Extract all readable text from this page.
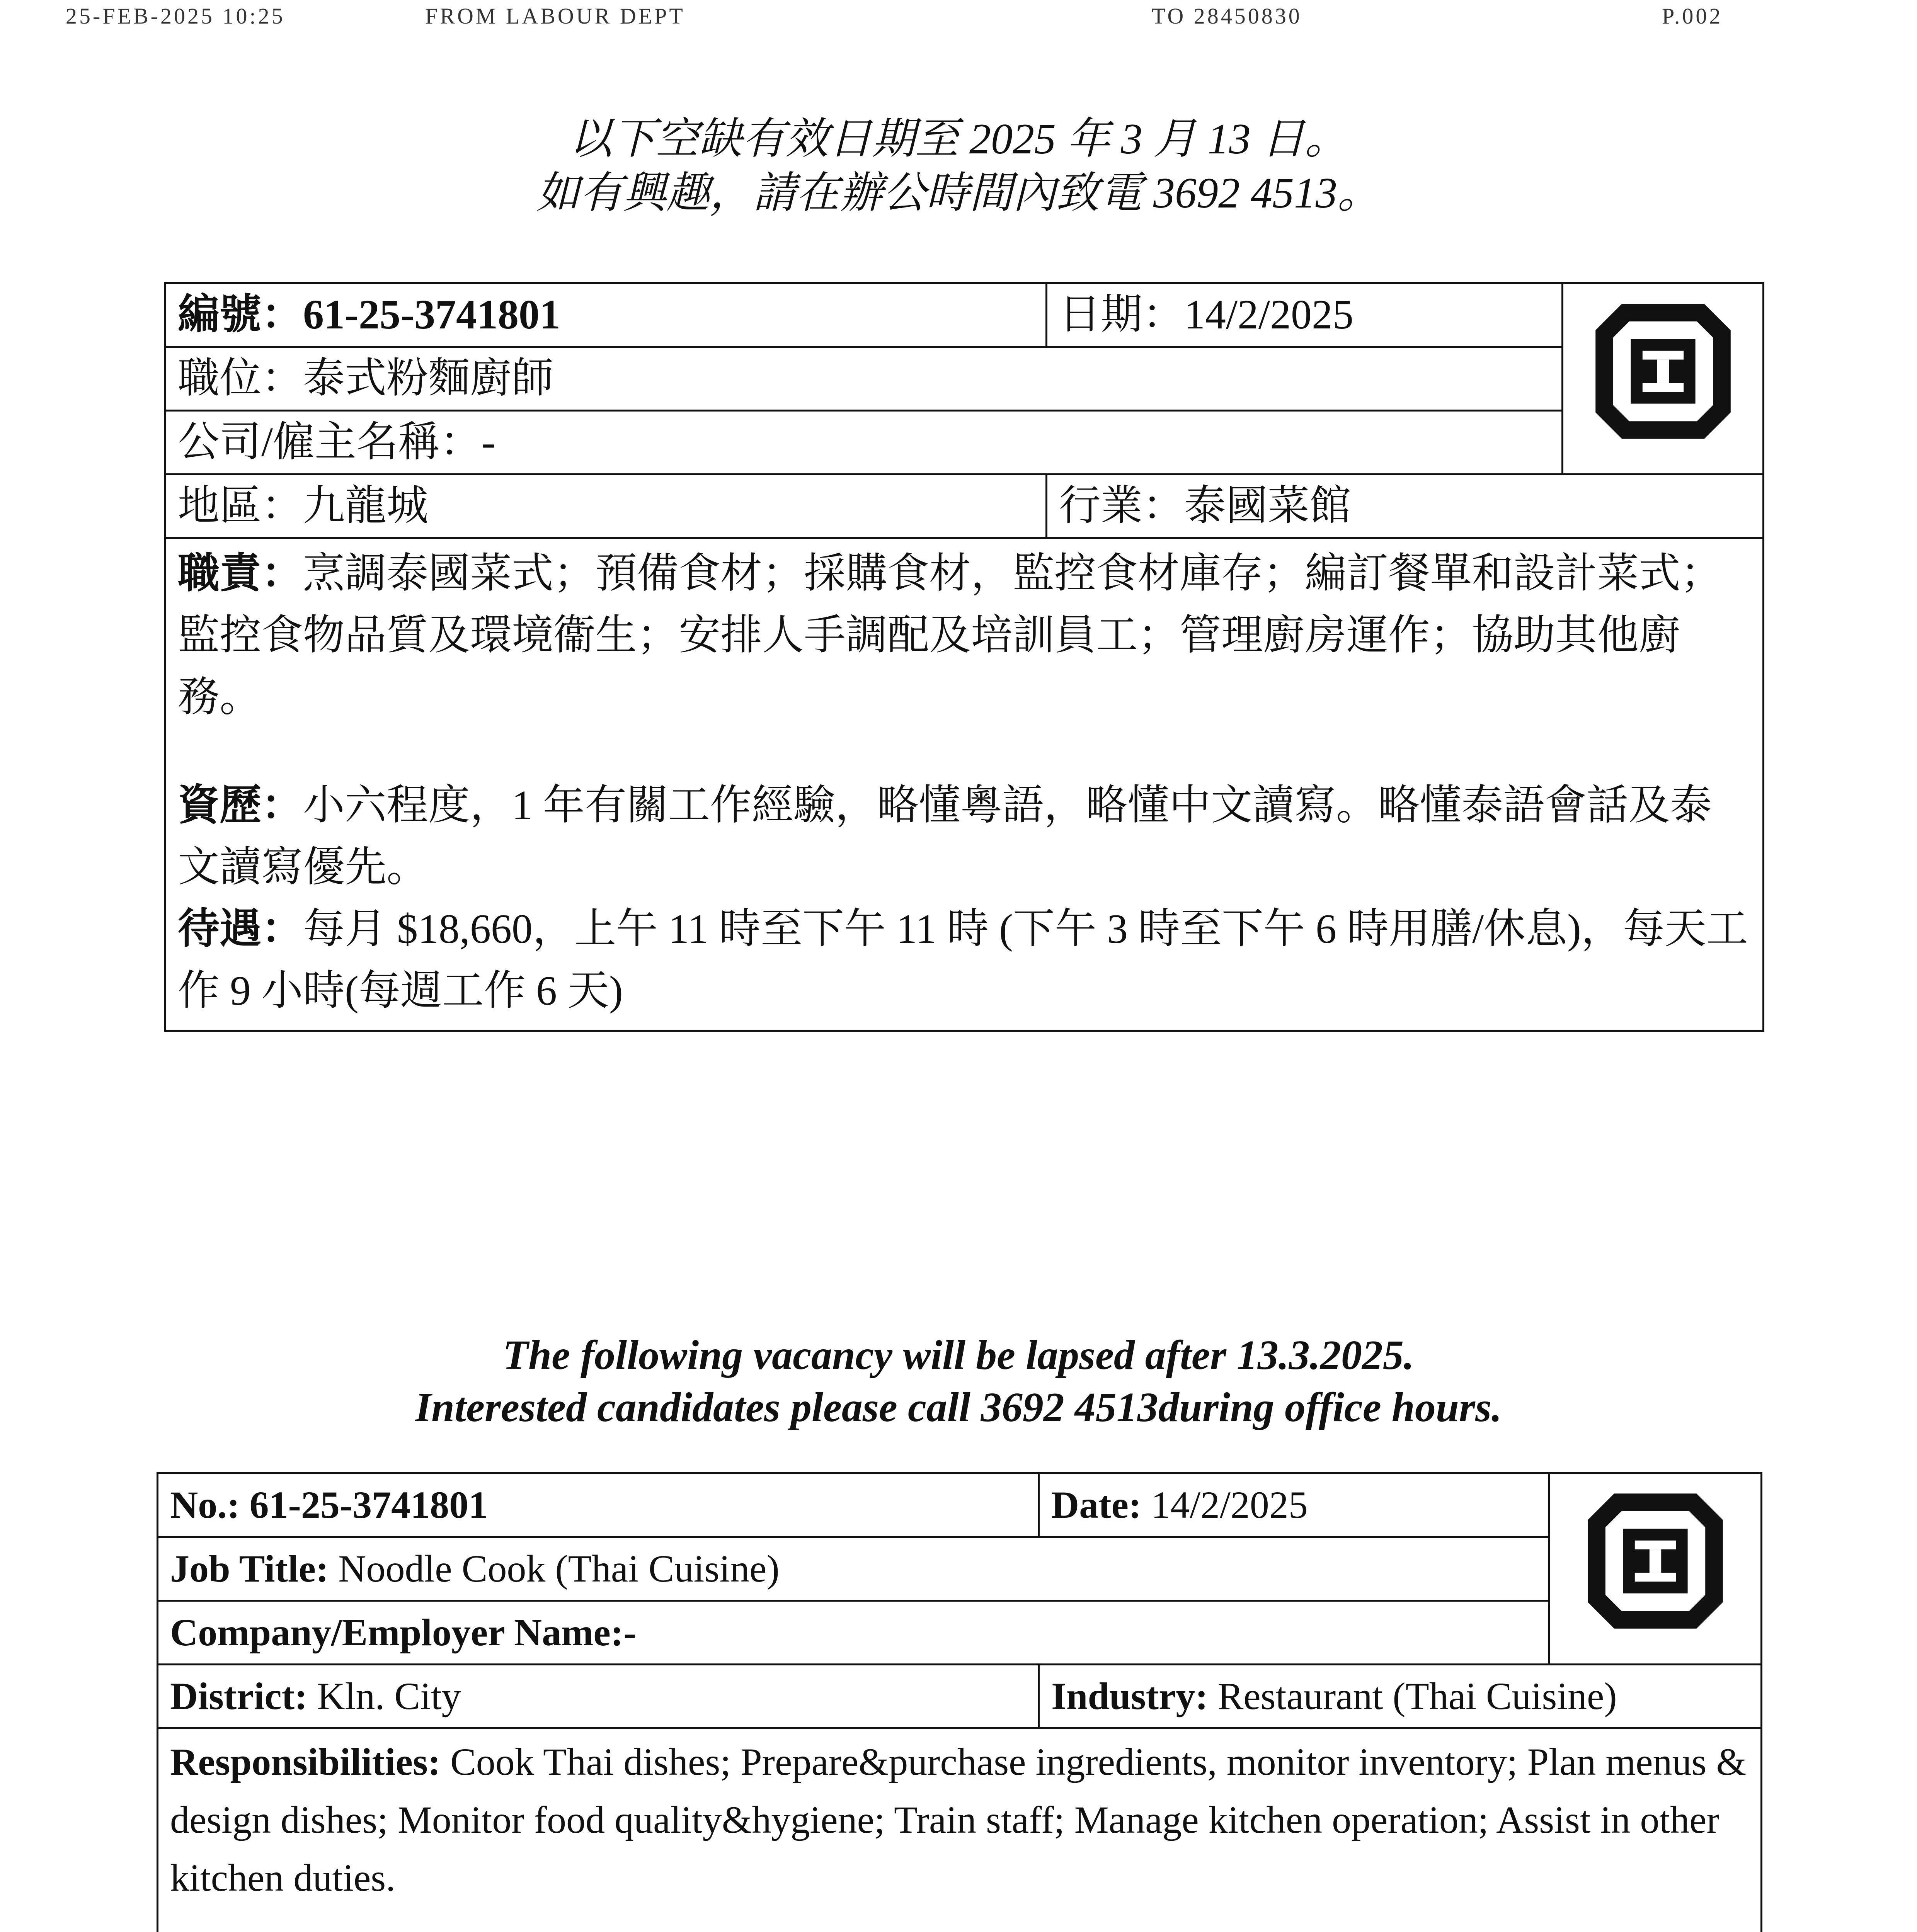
25-FEB-2025 10:25	FROM LABOUR DEPT	TO 28450830	P.002
以下空缺有效日期至 2025 年 3 月 13 日。
如有興趣，請在辦公時間內致電 3692 4513。
編號：61-25-3741801	日期：14/2/2025	
職位：泰式粉麵廚師		
公司/僱主名稱：-		
地區：九龍城	行業：泰國菜館	

職責：烹調泰國菜式；預備食材；採購食材，監控食材庫存；編訂餐單和設計菜式；監控食物品質及環境衞生；安排人手調配及培訓員工；管理廚房運作；協助其他廚務。
資歷：小六程度，1 年有關工作經驗，略懂粵語，略懂中文讀寫。略懂泰語會話及泰文讀寫優先。
待遇：每月 $18,660，上午 11 時至下午 11 時 (下午 3 時至下午 6 時用膳/休息)，每天工作 9 小時(每週工作 6 天)		
The following vacancy will be lapsed after 13.3.2025.
Interested candidates please call 3692 4513during office hours.
No.: 61-25-3741801	Date: 14/2/2025	
Job Title: Noodle Cook (Thai Cuisine)		
Company/Employer Name:-		
District: Kln. City	Industry: Restaurant (Thai Cuisine)	

Responsibilities: Cook Thai dishes; Prepare&purchase ingredients, monitor inventory; Plan menus & design dishes; Monitor food quality&hygiene; Train staff; Manage kitchen operation; Assist in other kitchen duties.		
